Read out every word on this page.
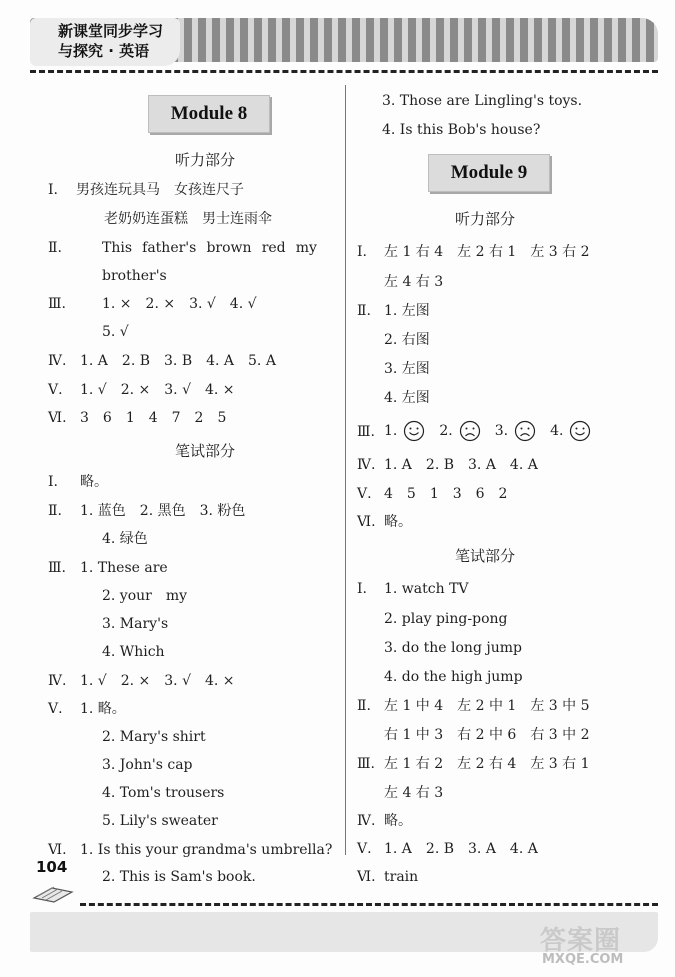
新课堂同步学习
与探究 · 英语
Module 8
听力部分
Ⅰ. 男孩连玩具马　女孩连尺子
老奶奶连蛋糕　男士连雨伞
Ⅱ.	This father's brown red my
brother's
Ⅲ.	1. ×　2. ×　3. √　4. √
5. √
Ⅳ. 1. A　2. B　3. B　4. A　5. A
Ⅴ. 1. √　2. ×　3. √　4. ×
Ⅵ. 3　6　1　4　7　2　5
笔试部分
Ⅰ. 略。
Ⅱ. 1. 蓝色　2. 黑色　3. 粉色
4. 绿色
Ⅲ. 1. These are
2. your　my
3. Mary's
4. Which
Ⅳ. 1. √　2. ×　3. √　4. ×
Ⅴ. 1. 略。
2. Mary's shirt
3. John's cap
4. Tom's trousers
5. Lily's sweater
Ⅵ. 1. Is this your grandma's umbrella?
2. This is Sam's book.
3. Those are Lingling's toys.
4. Is this Bob's house?
Module 9
听力部分
Ⅰ. 左 1 右 4　左 2 右 1　左 3 右 2
左 4 右 3
Ⅱ. 1. 左图
2. 右图
3. 左图
4. 左图
Ⅲ. 1.	2.	3.	4.
Ⅳ. 1. A　2. B　3. A　4. A
Ⅴ. 4　5　1　3　6　2
Ⅵ. 略。
笔试部分
Ⅰ. 1. watch TV
2. play ping-pong
3. do the long jump
4. do the high jump
Ⅱ. 左 1 中 4　左 2 中 1　左 3 中 5
右 1 中 3　右 2 中 6　右 3 中 2
Ⅲ. 左 1 右 2　左 2 右 4　左 3 右 1
左 4 右 3
Ⅳ. 略。
Ⅴ. 1. A　2. B　3. A　4. A
Ⅵ. train
104
答案圈
MXQE.COM
